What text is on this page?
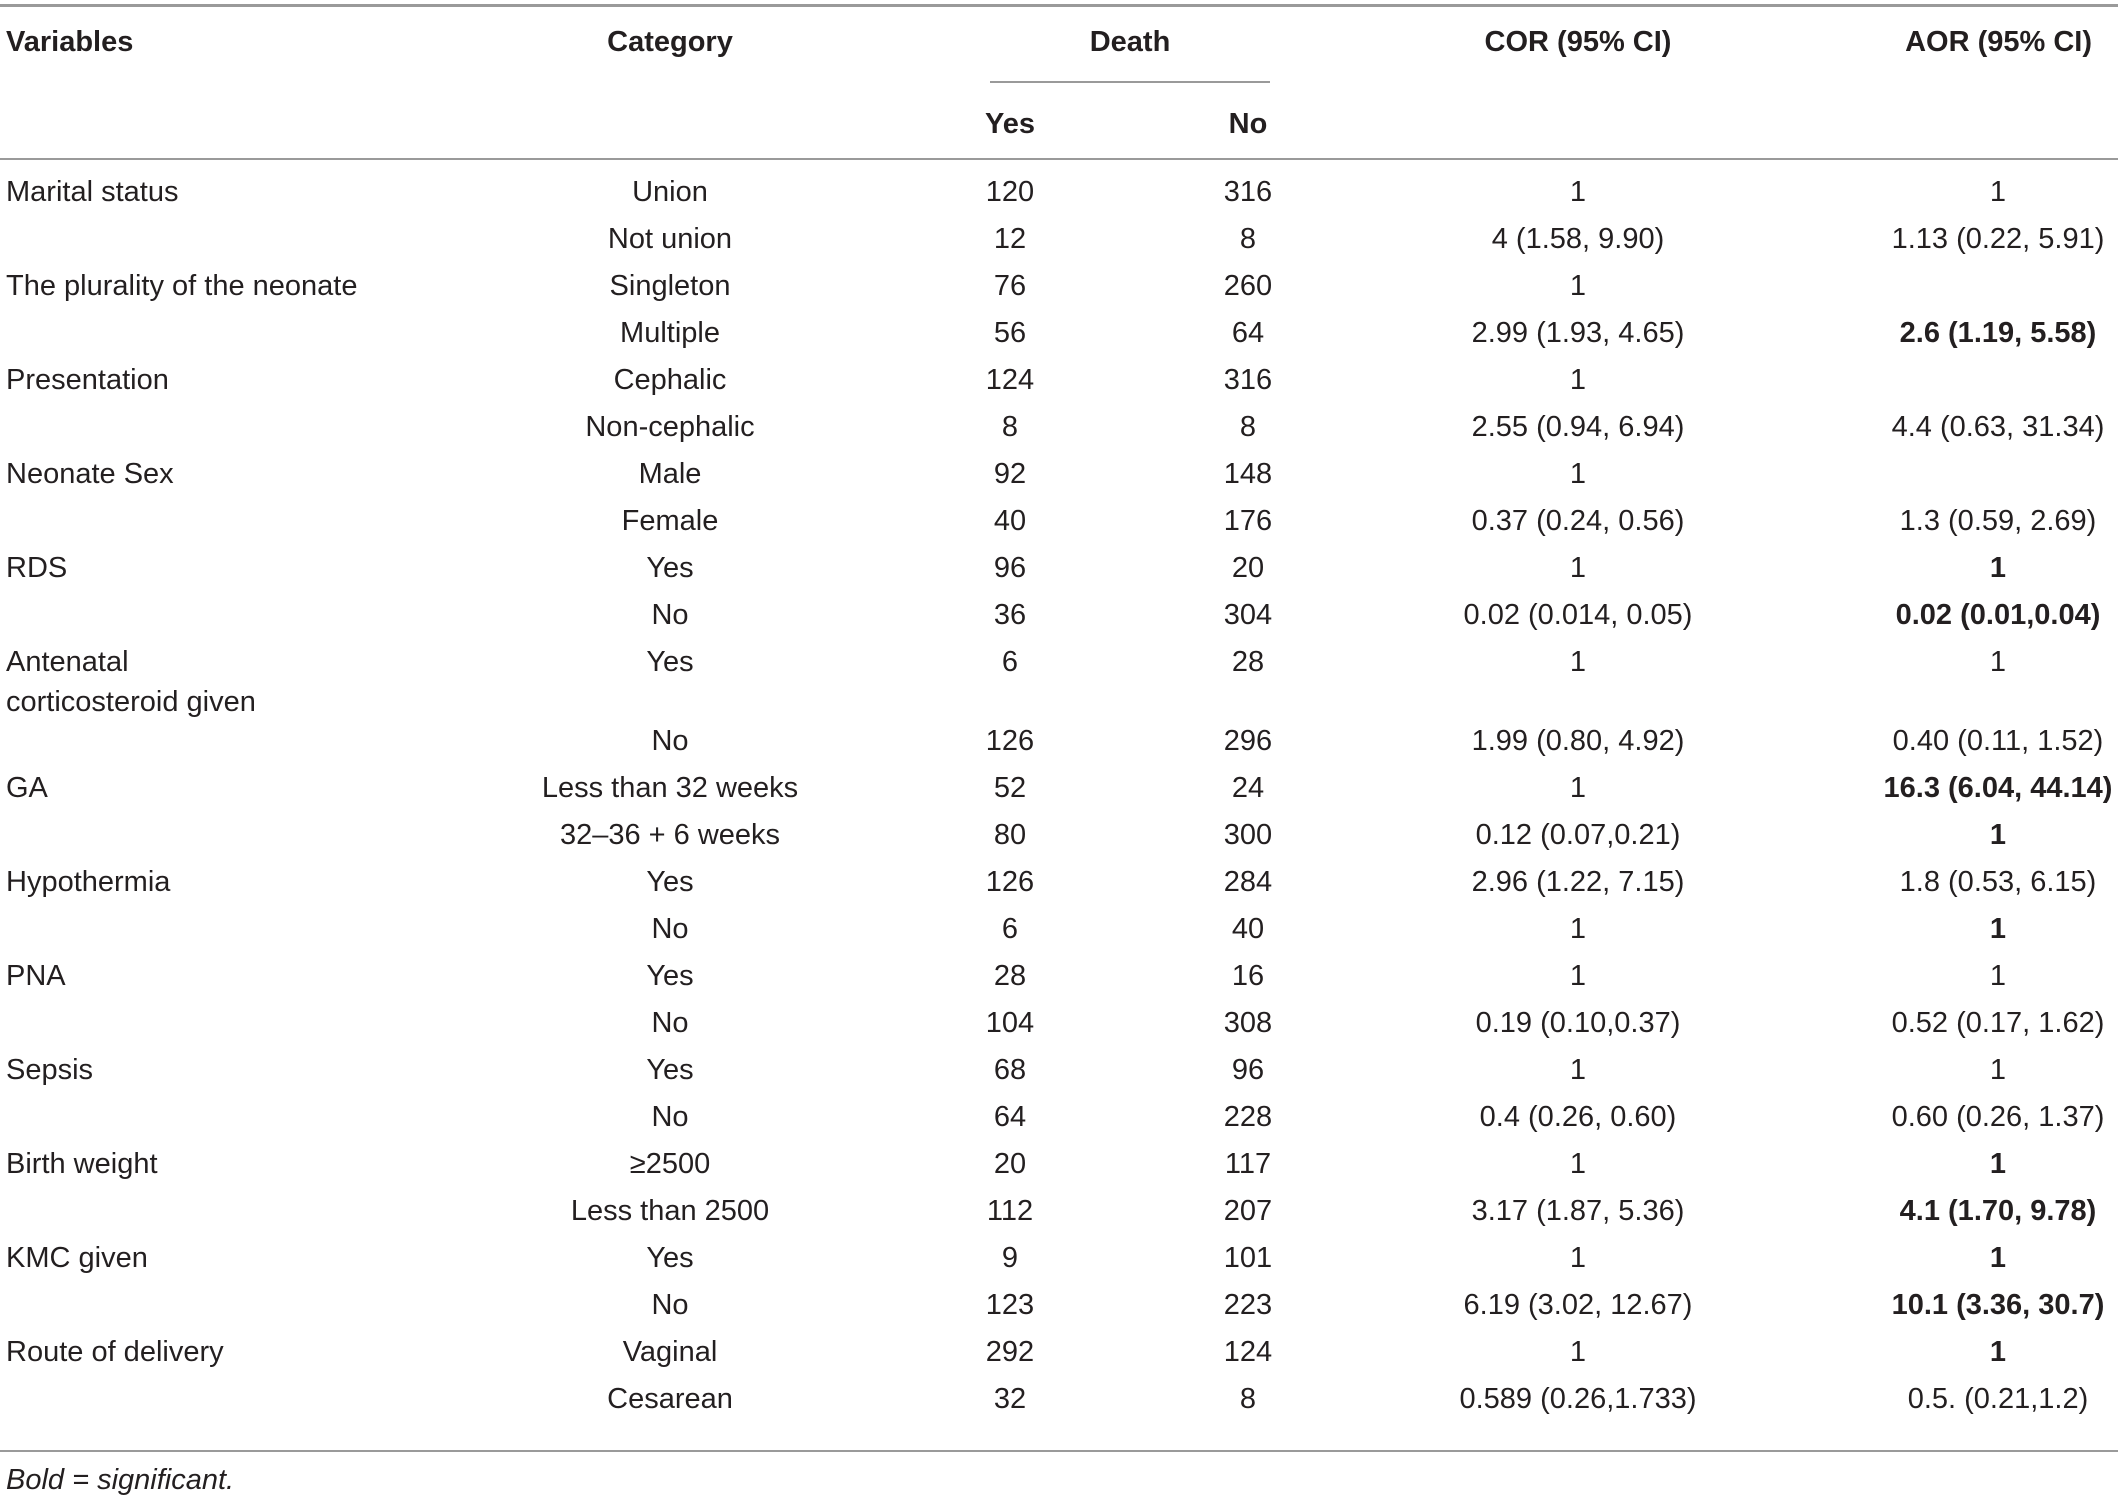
Variables	Category	Death
Yes	No
COR (95% CI)	AOR (95% CI)
Marital status	Union	120	316	1	1
Not union	12	8	4 (1.58, 9.90)	1.13 (0.22, 5.91)
The plurality of the neonate	Singleton	76	260	1
Multiple	56	64	2.99 (1.93, 4.65)	2.6 (1.19, 5.58)
Presentation	Cephalic	124	316	1
Non-cephalic	8	8	2.55 (0.94, 6.94)	4.4 (0.63, 31.34)
Neonate Sex	Male	92	148	1
Female	40	176	0.37 (0.24, 0.56)	1.3 (0.59, 2.69)
RDS	Yes	96	20	1	1
No	36	304	0.02 (0.014, 0.05)	0.02 (0.01,0.04)
Antenatal
corticosteroid given
Yes	6	28	1	1
No	126	296	1.99 (0.80, 4.92)	0.40 (0.11, 1.52)
GA	Less than 32 weeks	52	24	1	16.3 (6.04, 44.14)
32–36 + 6 weeks	80	300	0.12 (0.07,0.21)	1
Hypothermia	Yes	126	284	2.96 (1.22, 7.15)	1.8 (0.53, 6.15)
No	6	40	1	1
PNA	Yes	28	16	1	1
No	104	308	0.19 (0.10,0.37)	0.52 (0.17, 1.62)
Sepsis	Yes	68	96	1	1
No	64	228	0.4 (0.26, 0.60)	0.60 (0.26, 1.37)
Birth weight	≥2500	20	117	1	1
Less than 2500	112	207	3.17 (1.87, 5.36)	4.1 (1.70, 9.78)
KMC given	Yes	9	101	1	1
No	123	223	6.19 (3.02, 12.67)	10.1 (3.36, 30.7)
Route of delivery	Vaginal	292	124	1	1
Cesarean	32	8	0.589 (0.26,1.733)	0.5. (0.21,1.2)
Bold = significant.
